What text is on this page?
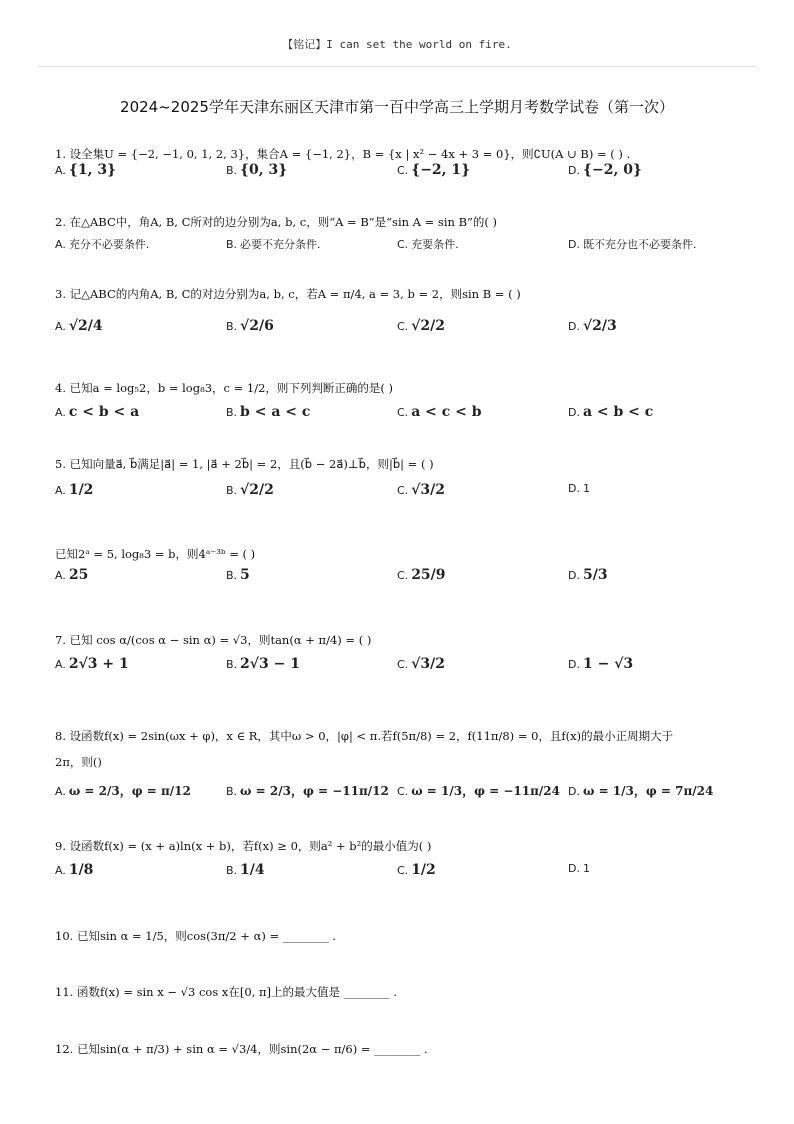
【铭记】I can set the world on fire.
2024~2025学年天津东丽区天津市第一百中学高三上学期月考数学试卷（第一次）
1. 设全集U = {−2, −1, 0, 1, 2, 3}，集合A = {−1, 2}，B = {x | x² − 4x + 3 = 0}，则∁U(A ∪ B) = ( ) .
A. {1, 3}	B. {0, 3}	C. {−2, 1}	D. {−2, 0}
2. 在△ABC中，角A, B, C所对的边分别为a, b, c，则“A = B”是“sin A = sin B”的( )
A. 充分不必要条件.	B. 必要不充分条件.	C. 充要条件.	D. 既不充分也不必要条件.
3. 记△ABC的内角A, B, C的对边分别为a, b, c，若A = π/4, a = 3, b = 2，则sin B = ( )
A. √2/4	B. √2/6	C. √2/2	D. √2/3
4. 已知a = log₅2，b = log₈3，c = 1/2，则下列判断正确的是( )
A. c < b < a	B. b < a < c	C. a < c < b	D. a < b < c
5. 已知向量a⃗, b⃗满足|a⃗| = 1, |a⃗ + 2b⃗| = 2，且(b⃗ − 2a⃗)⊥b⃗，则|b⃗| = ( )
A. 1/2	B. √2/2	C. √3/2	D. 1
已知2ᵃ = 5, log₈3 = b，则4ᵃ⁻³ᵇ = ( )
A. 25	B. 5	C. 25/9	D. 5/3
7. 已知 cos α/(cos α − sin α) = √3，则tan(α + π/4) = ( )
A. 2√3 + 1	B. 2√3 − 1	C. √3/2	D. 1 − √3
8. 设函数f(x) = 2sin(ωx + φ)，x ∈ R，其中ω > 0，|φ| < π.若f(5π/8) = 2，f(11π/8) = 0，且f(x)的最小正周期大于
2π，则()
A. ω = 2/3，φ = π/12	B. ω = 2/3，φ = −11π/12 C. ω = 1/3，φ = −11π/24 D. ω = 1/3，φ = 7π/24
9. 设函数f(x) = (x + a)ln(x + b)，若f(x) ≥ 0，则a² + b²的最小值为( )
A. 1/8	B. 1/4	C. 1/2	D. 1
10. 已知sin α = 1/5，则cos(3π/2 + α) = ________ .
11. 函数f(x) = sin x − √3 cos x在[0, π]上的最大值是 ________ .
12. 已知sin(α + π/3) + sin α = √3/4，则sin(2α − π/6) = ________ .
